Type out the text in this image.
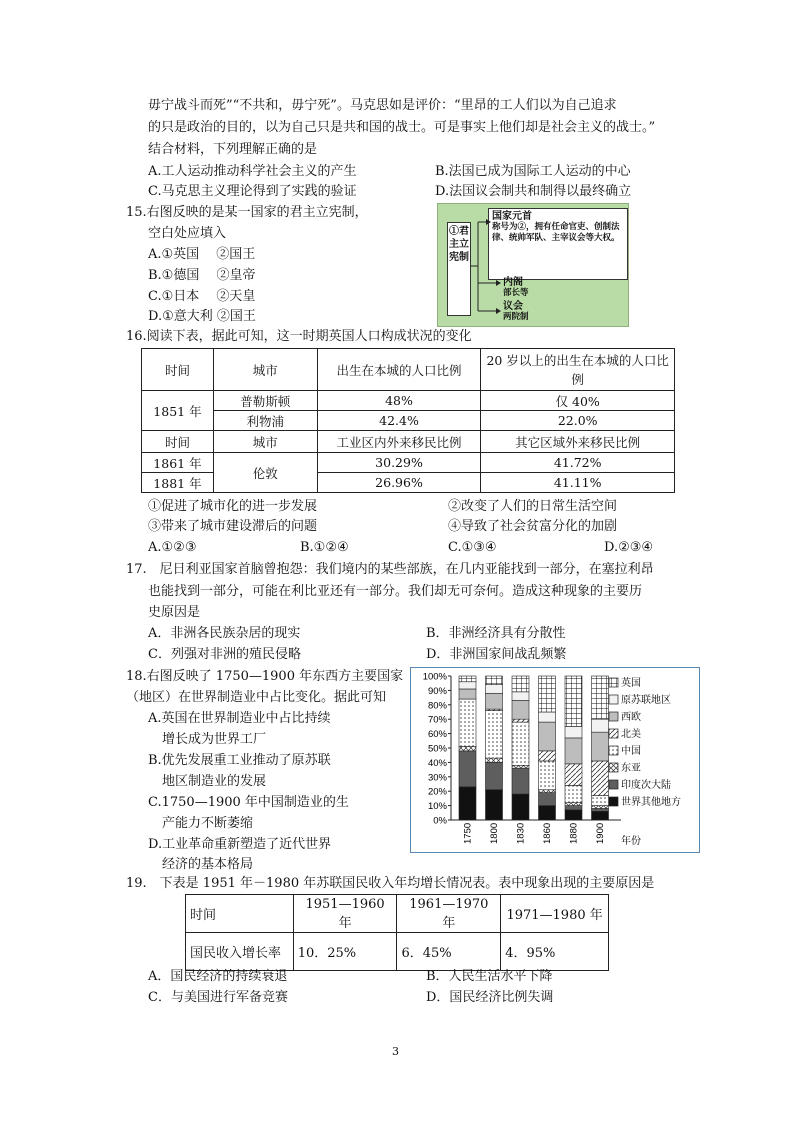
毋宁战斗而死”“不共和，毋宁死”。马克思如是评价：“里昂的工人们以为自己追求
的只是政治的目的，以为自己只是共和国的战士。可是事实上他们却是社会主义的战士。”
结合材料，下列理解正确的是
A.工人运动推动科学社会主义的产生	B.法国已成为国际工人运动的中心
C.马克思主义理论得到了实践的验证	D.法国议会制共和制得以最终确立
15.右图反映的是某一国家的君主立宪制，
空白处应填入
A.①英国　 ②国王
B.①德国　 ②皇帝
C.①日本　 ②天皇
D.①意大利 ②国王
①君主立宪制
国家元首
称号为②，拥有任命官吏、创制法律、统帅军队、主宰议会等大权。
内阁
部长等
议会
两院制
16.阅读下表，据此可知，这一时期英国人口构成状况的变化
时间	城市	出生在本城的人口比例	20 岁以上的出生在本城的人口比例
1851 年	普勒斯顿	48%	仅 40%
	利物浦	42.4%	22.0%
时间	城市	工业区内外来移民比例	其它区域外来移民比例
1861 年	伦敦	30.29%	41.72%
1881 年		26.96%	41.11%
①促进了城市化的进一步发展	②改变了人们的日常生活空间
③带来了城市建设滞后的问题	④导致了社会贫富分化的加剧
A.①②③	B.①②④	C.①③④	D.②③④
17.　尼日利亚国家首脑曾抱怨：我们境内的某些部族，在几内亚能找到一部分，在塞拉利昂
也能找到一部分，可能在利比亚还有一部分。我们却无可奈何。造成这种现象的主要历
史原因是
A．非洲各民族杂居的现实	B．非洲经济具有分散性
C．列强对非洲的殖民侵略	D．非洲国家间战乱频繁
18.右图反映了 1750—1900 年东西方主要国家
（地区）在世界制造业中占比变化。据此可知
A.英国在世界制造业中占比持续
增长成为世界工厂
B.优先发展重工业推动了原苏联
地区制造业的发展
C.1750—1900 年中国制造业的生
产能力不断萎缩
D.工业革命重新塑造了近代世界
经济的基本格局
0%
10%
20%
30%
40%
50%
60%
70%
80%
90%
100%
1750 1800 1830 1860 1880 1900 年份
英国
原苏联地区
西欧
北美
中国
东亚
印度次大陆
世界其他地方
19.　下表是 1951 年－1980 年苏联国民收入年均增长情况表。表中现象出现的主要原因是
时间	1951—1960 年	1961—1970 年	1971—1980 年
国民收入增长率	10．25%	6．45%	4．95%
A．国民经济的持续衰退	B．人民生活水平下降
C．与美国进行军备竞赛	D．国民经济比例失调
3
